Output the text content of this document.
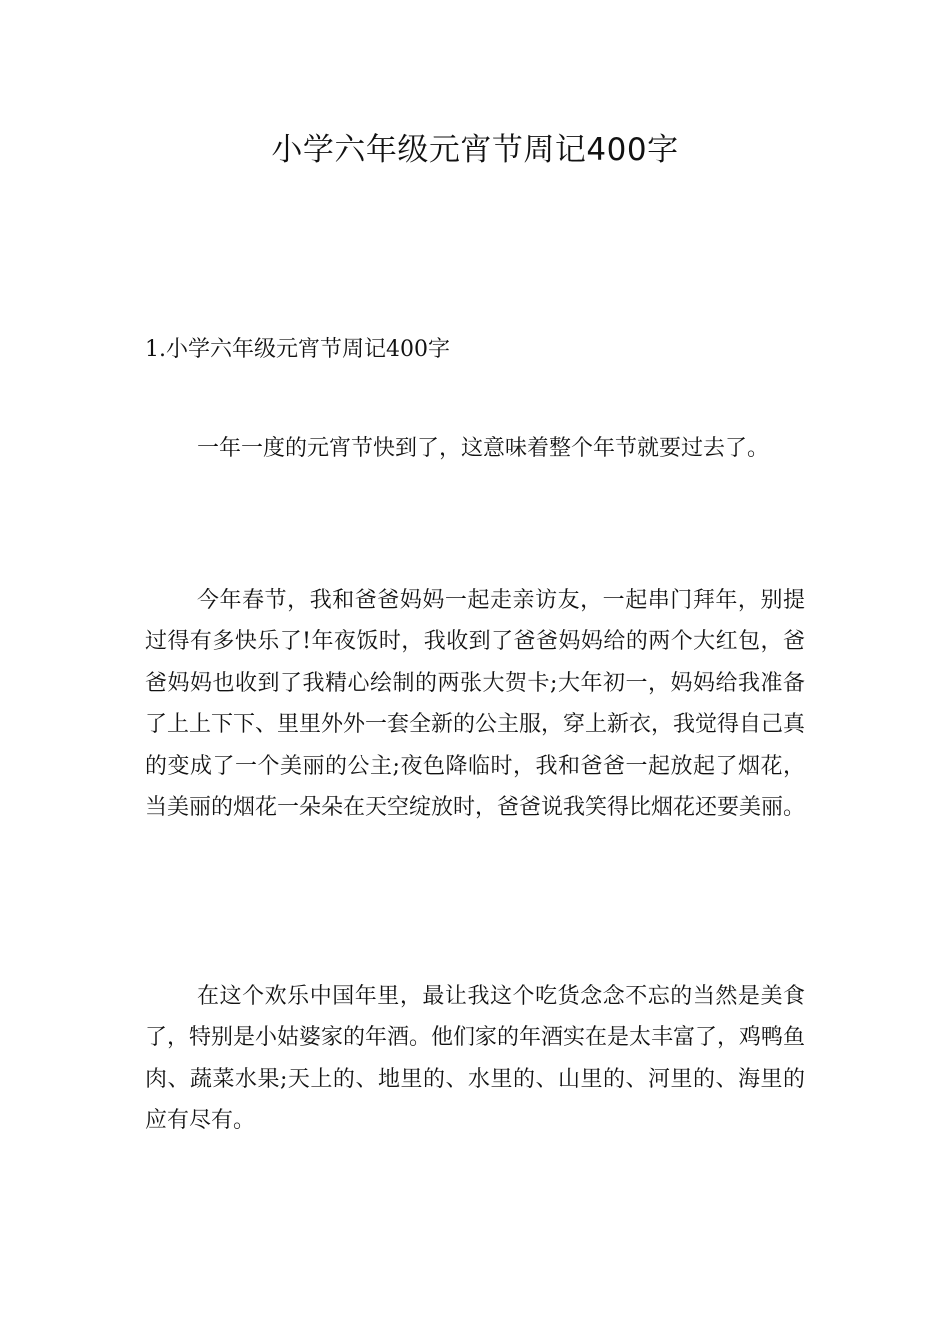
小学六年级元宵节周记400字
1.小学六年级元宵节周记400字

一年一度的元宵节快到了，这意味着整个年节就要过去了。

今年春节，我和爸爸妈妈一起走亲访友，一起串门拜年，别提过得有多快乐了!年夜饭时，我收到了爸爸妈妈给的两个大红包，爸爸妈妈也收到了我精心绘制的两张大贺卡;大年初一，妈妈给我准备了上上下下、里里外外一套全新的公主服，穿上新衣，我觉得自己真的变成了一个美丽的公主;夜色降临时，我和爸爸一起放起了烟花，当美丽的烟花一朵朵在天空绽放时，爸爸说我笑得比烟花还要美丽。

在这个欢乐中国年里，最让我这个吃货念念不忘的当然是美食了，特别是小姑婆家的年酒。他们家的年酒实在是太丰富了，鸡鸭鱼肉、蔬菜水果;天上的、地里的、水里的、山里的、河里的、海里的应有尽有。
